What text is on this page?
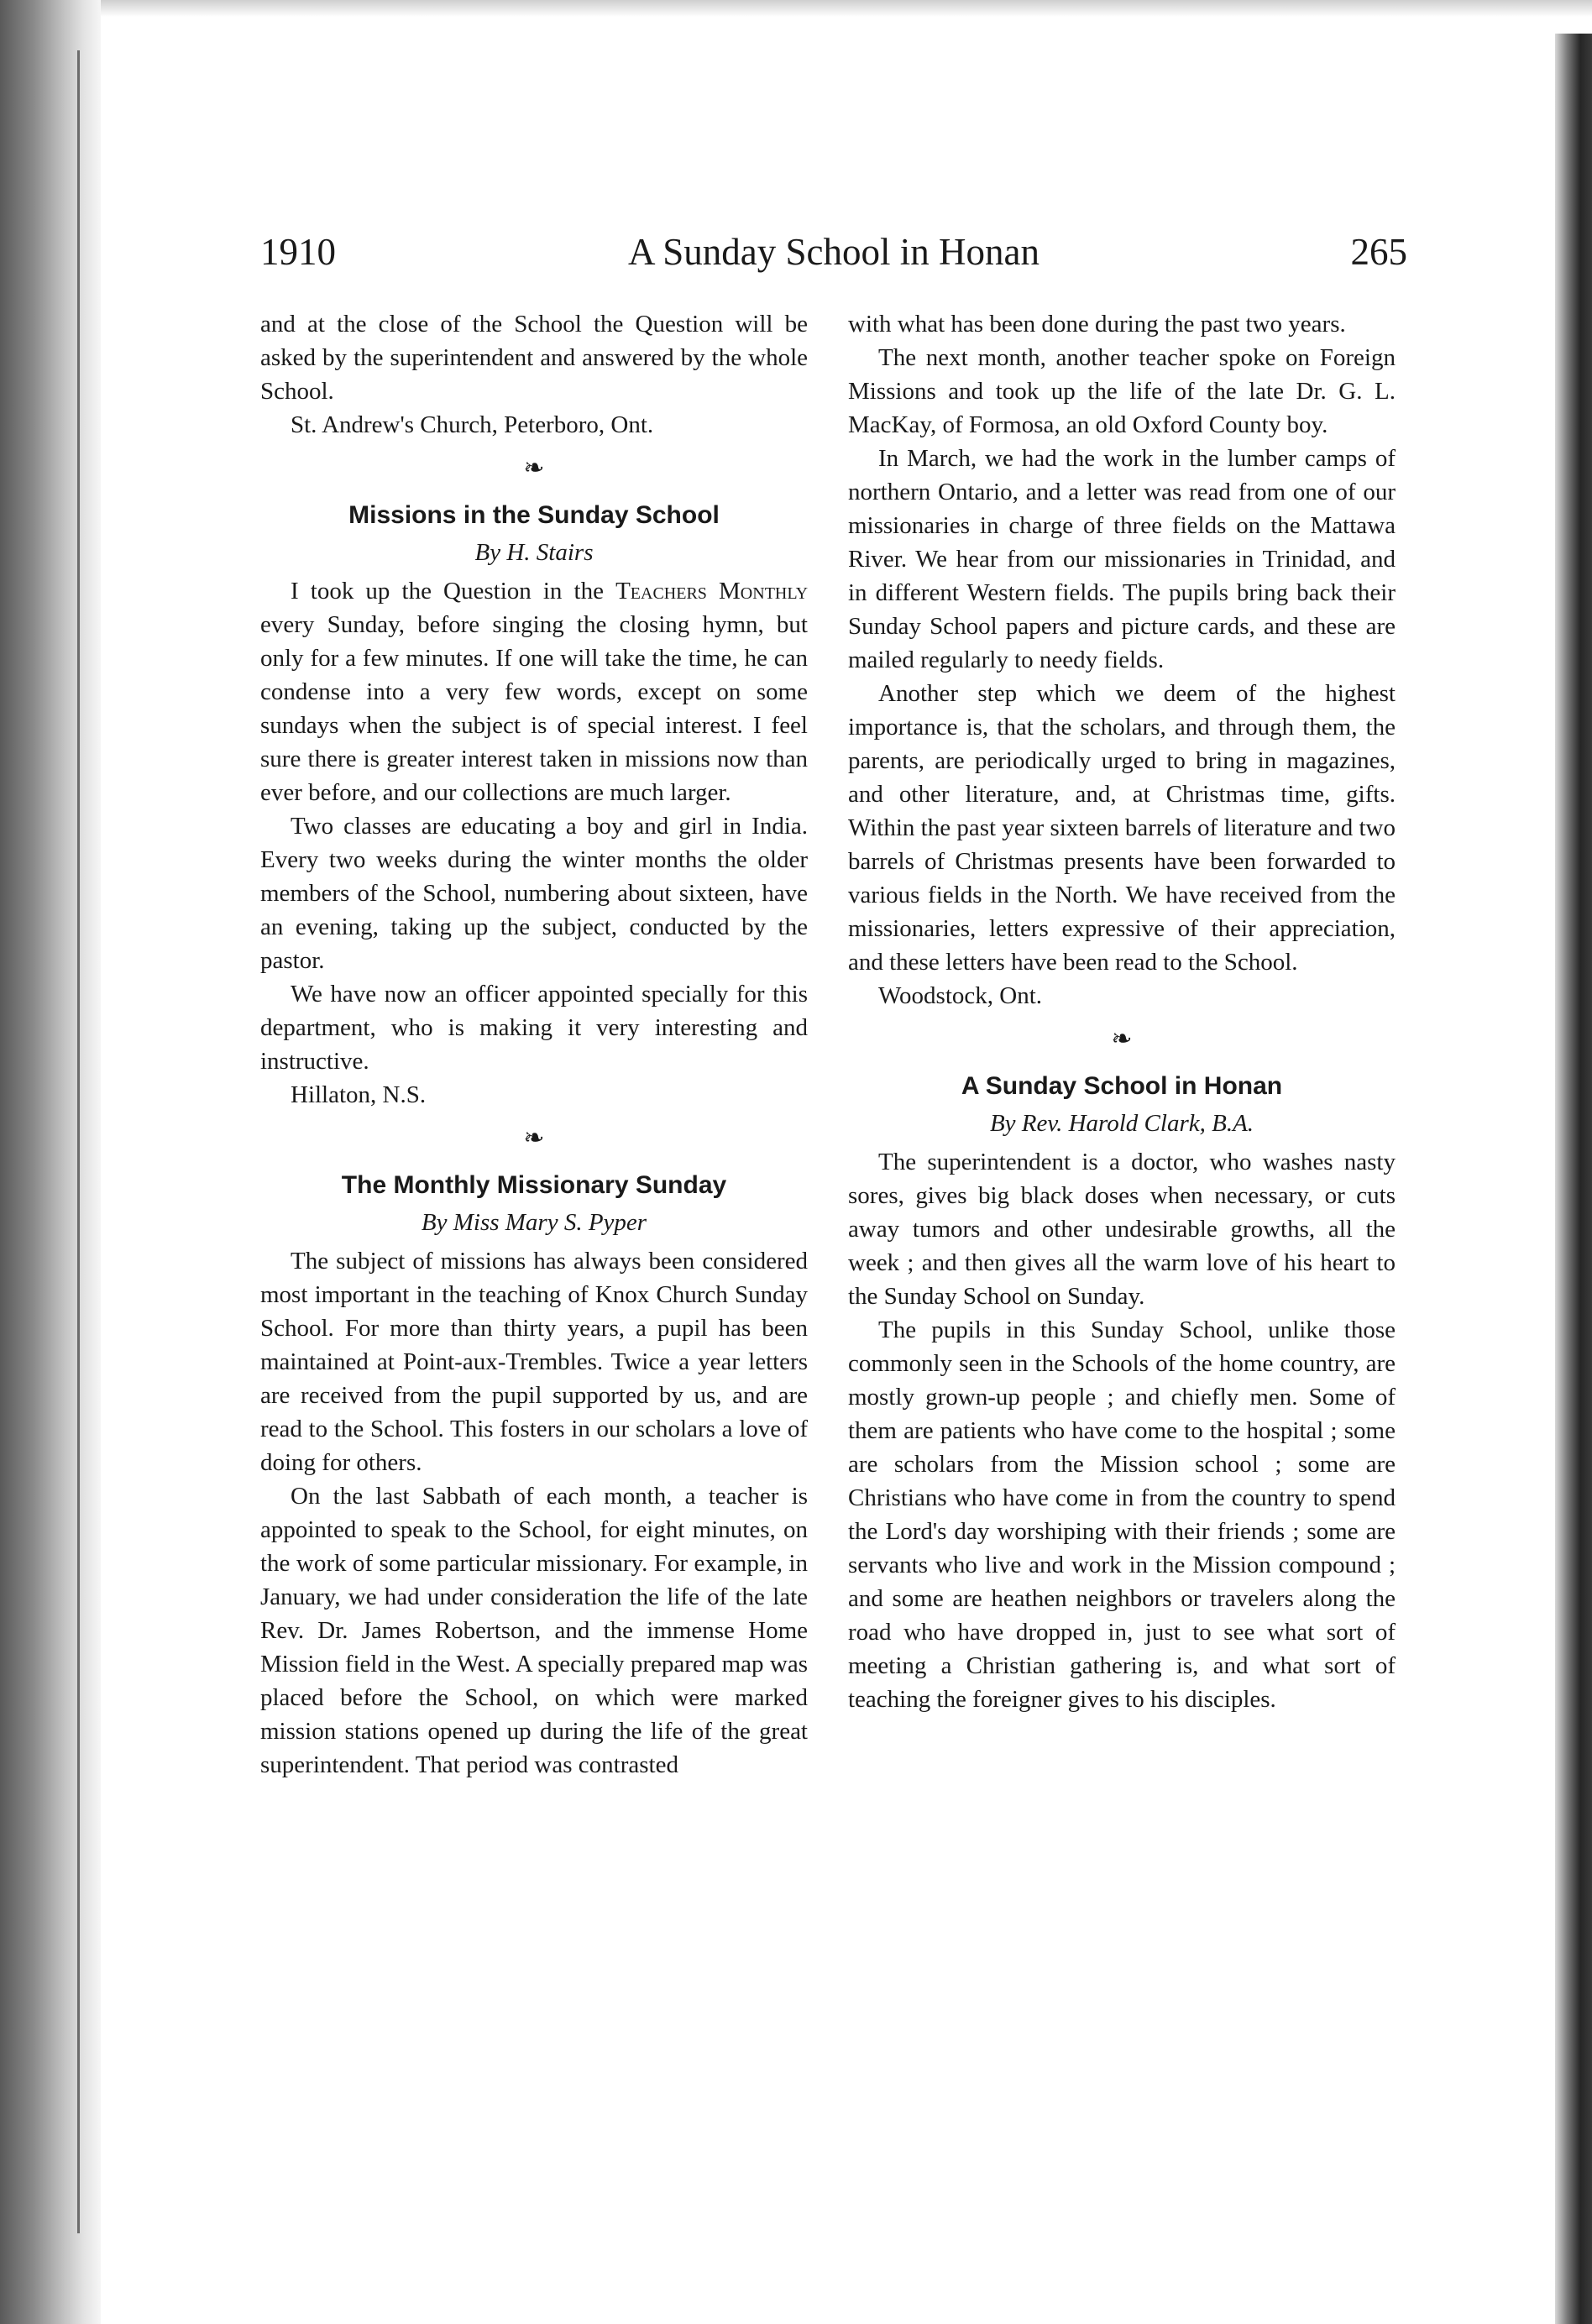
1910	A Sunday School in Honan	265

and at the close of the School the Question will be asked by the superintendent and answered by the whole School.

St. Andrew's Church, Peterboro, Ont.

❧
Missions in the Sunday School
By H. Stairs

I took up the Question in the Teachers Monthly every Sunday, before singing the closing hymn, but only for a few minutes. If one will take the time, he can condense into a very few words, except on some sundays when the subject is of special interest. I feel sure there is greater interest taken in missions now than ever before, and our collections are much larger.

Two classes are educating a boy and girl in India. Every two weeks during the winter months the older members of the School, numbering about sixteen, have an evening, taking up the subject, conducted by the pastor.

We have now an officer appointed specially for this department, who is making it very interesting and instructive.

Hillaton, N.S.

❧
The Monthly Missionary Sunday
By Miss Mary S. Pyper

The subject of missions has always been considered most important in the teaching of Knox Church Sunday School. For more than thirty years, a pupil has been maintained at Point-aux-Trembles. Twice a year letters are received from the pupil supported by us, and are read to the School. This fosters in our scholars a love of doing for others.

On the last Sabbath of each month, a teacher is appointed to speak to the School, for eight minutes, on the work of some particular missionary. For example, in January, we had under consideration the life of the late Rev. Dr. James Robertson, and the immense Home Mission field in the West. A specially prepared map was placed before the School, on which were marked mission stations opened up during the life of the great superintendent. That period was contrasted

with what has been done during the past two years.

The next month, another teacher spoke on Foreign Missions and took up the life of the late Dr. G. L. MacKay, of Formosa, an old Oxford County boy.

In March, we had the work in the lumber camps of northern Ontario, and a letter was read from one of our missionaries in charge of three fields on the Mattawa River. We hear from our missionaries in Trinidad, and in different Western fields. The pupils bring back their Sunday School papers and picture cards, and these are mailed regularly to needy fields.

Another step which we deem of the highest importance is, that the scholars, and through them, the parents, are periodically urged to bring in magazines, and other literature, and, at Christmas time, gifts. Within the past year sixteen barrels of literature and two barrels of Christmas presents have been forwarded to various fields in the North. We have received from the missionaries, letters expressive of their appreciation, and these letters have been read to the School.

Woodstock, Ont.

❧
A Sunday School in Honan
By Rev. Harold Clark, B.A.

The superintendent is a doctor, who washes nasty sores, gives big black doses when necessary, or cuts away tumors and other undesirable growths, all the week ; and then gives all the warm love of his heart to the Sunday School on Sunday.

The pupils in this Sunday School, unlike those commonly seen in the Schools of the home country, are mostly grown-up people ; and chiefly men. Some of them are patients who have come to the hospital ; some are scholars from the Mission school ; some are Christians who have come in from the country to spend the Lord's day worshiping with their friends ; some are servants who live and work in the Mission compound ; and some are heathen neighbors or travelers along the road who have dropped in, just to see what sort of meeting a Christian gathering is, and what sort of teaching the foreigner gives to his disciples.
